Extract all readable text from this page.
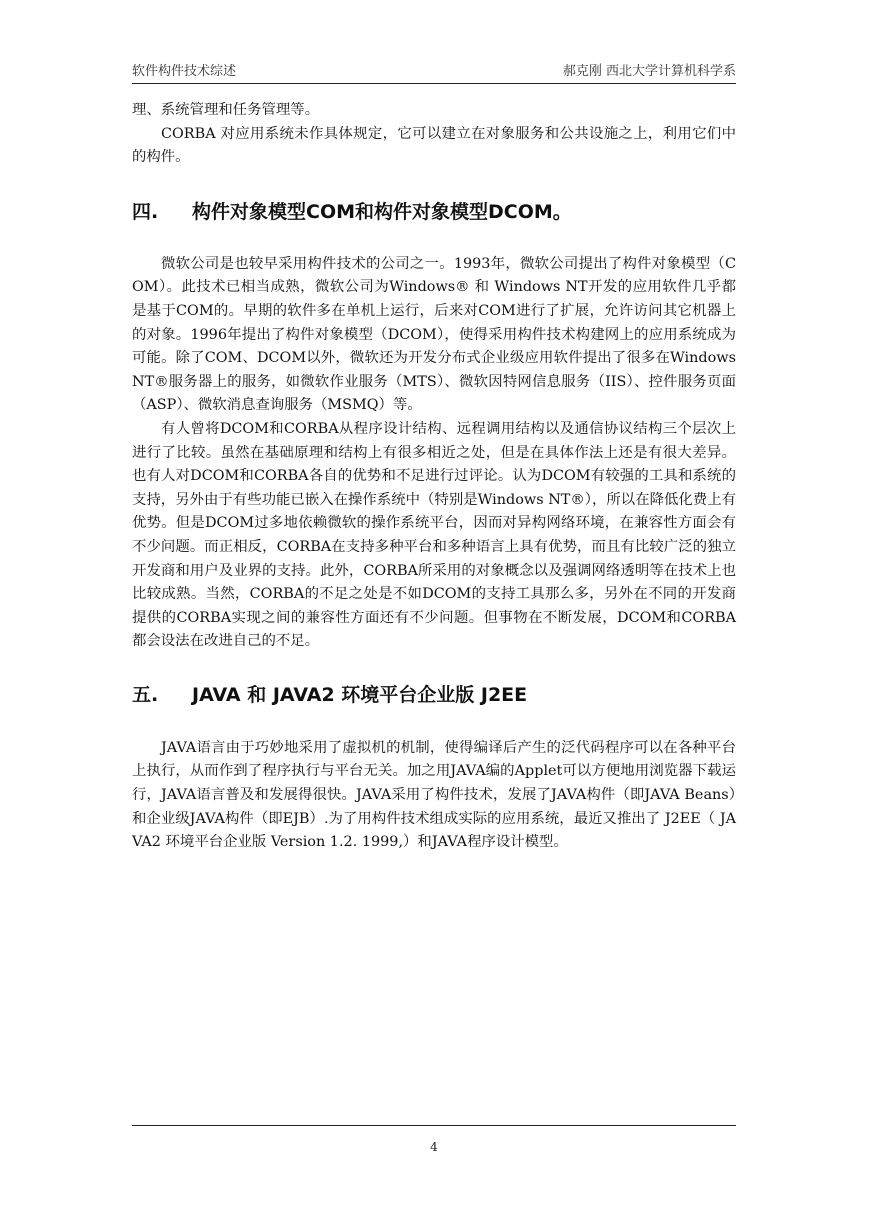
软件构件技术综述	郝克刚 西北大学计算机科学系

理、系统管理和任务管理等。

CORBA 对应用系统未作具体规定，它可以建立在对象服务和公共设施之上，利用它们中的构件。

四. 构件对象模型COM和构件对象模型DCOM。

微软公司是也较早采用构件技术的公司之一。1993年，微软公司提出了构件对象模型（COM）。此技术已相当成熟，微软公司为Windows® 和 Windows NT开发的应用软件几乎都是基于COM的。早期的软件多在单机上运行，后来对COM进行了扩展，允许访问其它机器上的对象。1996年提出了构件对象模型（DCOM），使得采用构件技术构建网上的应用系统成为可能。除了COM、DCOM以外，微软还为开发分布式企业级应用软件提出了很多在Windows NT®服务器上的服务，如微软作业服务（MTS）、微软因特网信息服务（IIS）、控件服务页面（ASP）、微软消息查询服务（MSMQ）等。

有人曾将DCOM和CORBA从程序设计结构、远程调用结构以及通信协议结构三个层次上进行了比较。虽然在基础原理和结构上有很多相近之处，但是在具体作法上还是有很大差异。也有人对DCOM和CORBA各自的优势和不足进行过评论。认为DCOM有较强的工具和系统的支持，另外由于有些功能已嵌入在操作系统中（特别是Windows NT®），所以在降低化费上有优势。但是DCOM过多地依赖微软的操作系统平台，因而对异构网络环境，在兼容性方面会有不少问题。而正相反，CORBA在支持多种平台和多种语言上具有优势，而且有比较广泛的独立开发商和用户及业界的支持。此外，CORBA所采用的对象概念以及强调网络透明等在技术上也比较成熟。当然，CORBA的不足之处是不如DCOM的支持工具那么多，另外在不同的开发商提供的CORBA实现之间的兼容性方面还有不少问题。但事物在不断发展，DCOM和CORBA都会设法在改进自己的不足。

五. JAVA 和 JAVA2 环境平台企业版 J2EE

JAVA语言由于巧妙地采用了虚拟机的机制，使得编译后产生的泛代码程序可以在各种平台上执行，从而作到了程序执行与平台无关。加之用JAVA编的Applet可以方便地用浏览器下载运行，JAVA语言普及和发展得很快。JAVA采用了构件技术，发展了JAVA构件（即JAVA Beans）和企业级JAVA构件（即EJB）.为了用构件技术组成实际的应用系统，最近又推出了 J2EE（ JAVA2 环境平台企业版 Version 1.2. 1999,）和JAVA程序设计模型。

4
